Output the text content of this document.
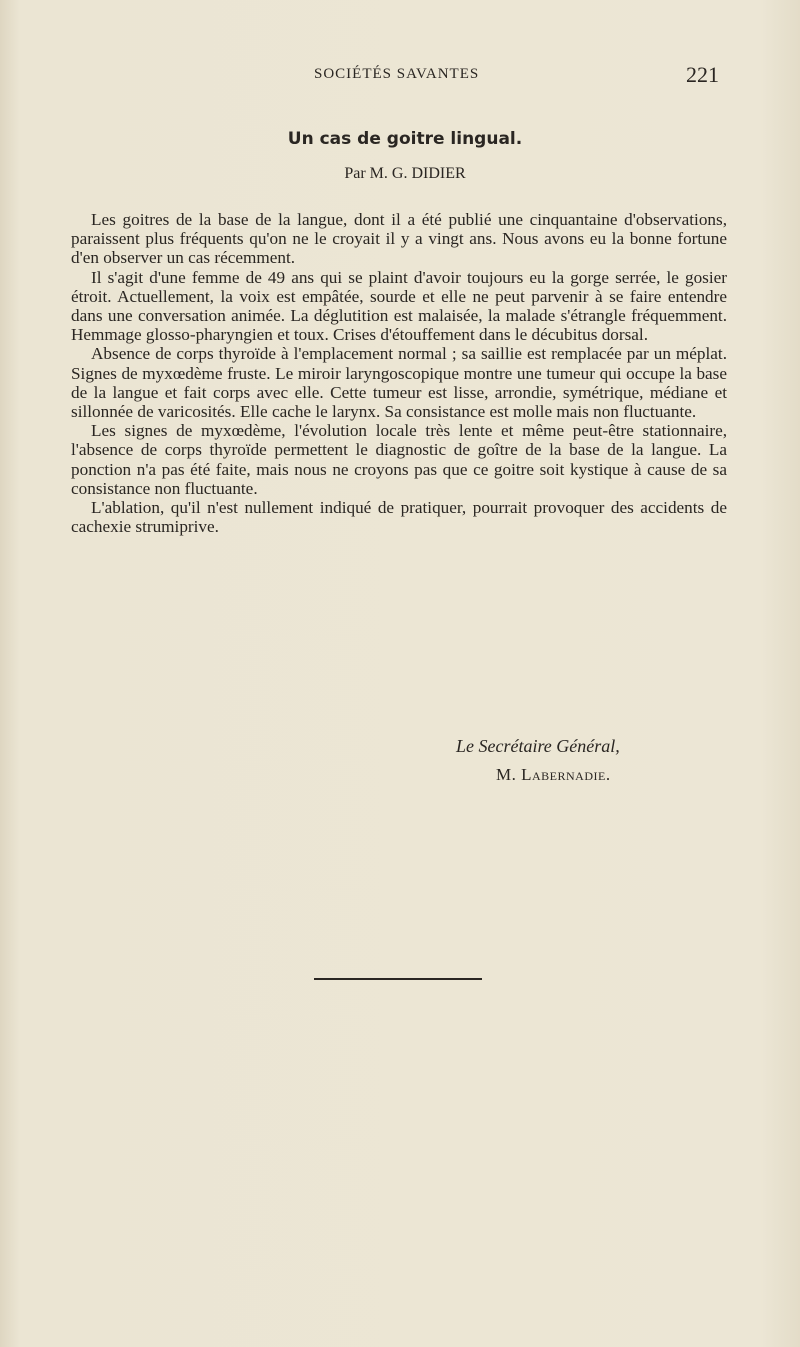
SOCIÉTÉS SAVANTES	221
Un cas de goitre lingual.
Par M. G. DIDIER

Les goitres de la base de la langue, dont il a été publié une cinquantaine d'observations, paraissent plus fréquents qu'on ne le croyait il y a vingt ans. Nous avons eu la bonne fortune d'en observer un cas récemment.

Il s'agit d'une femme de 49 ans qui se plaint d'avoir toujours eu la gorge serrée, le gosier étroit. Actuellement, la voix est empâtée, sourde et elle ne peut parvenir à se faire entendre dans une conversation animée. La déglutition est malaisée, la malade s'étrangle fréquemment. Hemmage glosso-pharyngien et toux. Crises d'étouffement dans le décubitus dorsal.

Absence de corps thyroïde à l'emplacement normal ; sa saillie est remplacée par un méplat. Signes de myxœdème fruste. Le miroir laryngoscopique montre une tumeur qui occupe la base de la langue et fait corps avec elle. Cette tumeur est lisse, arrondie, symétrique, médiane et sillonnée de varicosités. Elle cache le larynx. Sa consistance est molle mais non fluctuante.

Les signes de myxœdème, l'évolution locale très lente et même peut-être stationnaire, l'absence de corps thyroïde permettent le diagnostic de goître de la base de la langue. La ponction n'a pas été faite, mais nous ne croyons pas que ce goitre soit kystique à cause de sa consistance non fluctuante.

L'ablation, qu'il n'est nullement indiqué de pratiquer, pourrait provoquer des accidents de cachexie strumiprive.

Le Secrétaire Général,
M. Labernadie.
